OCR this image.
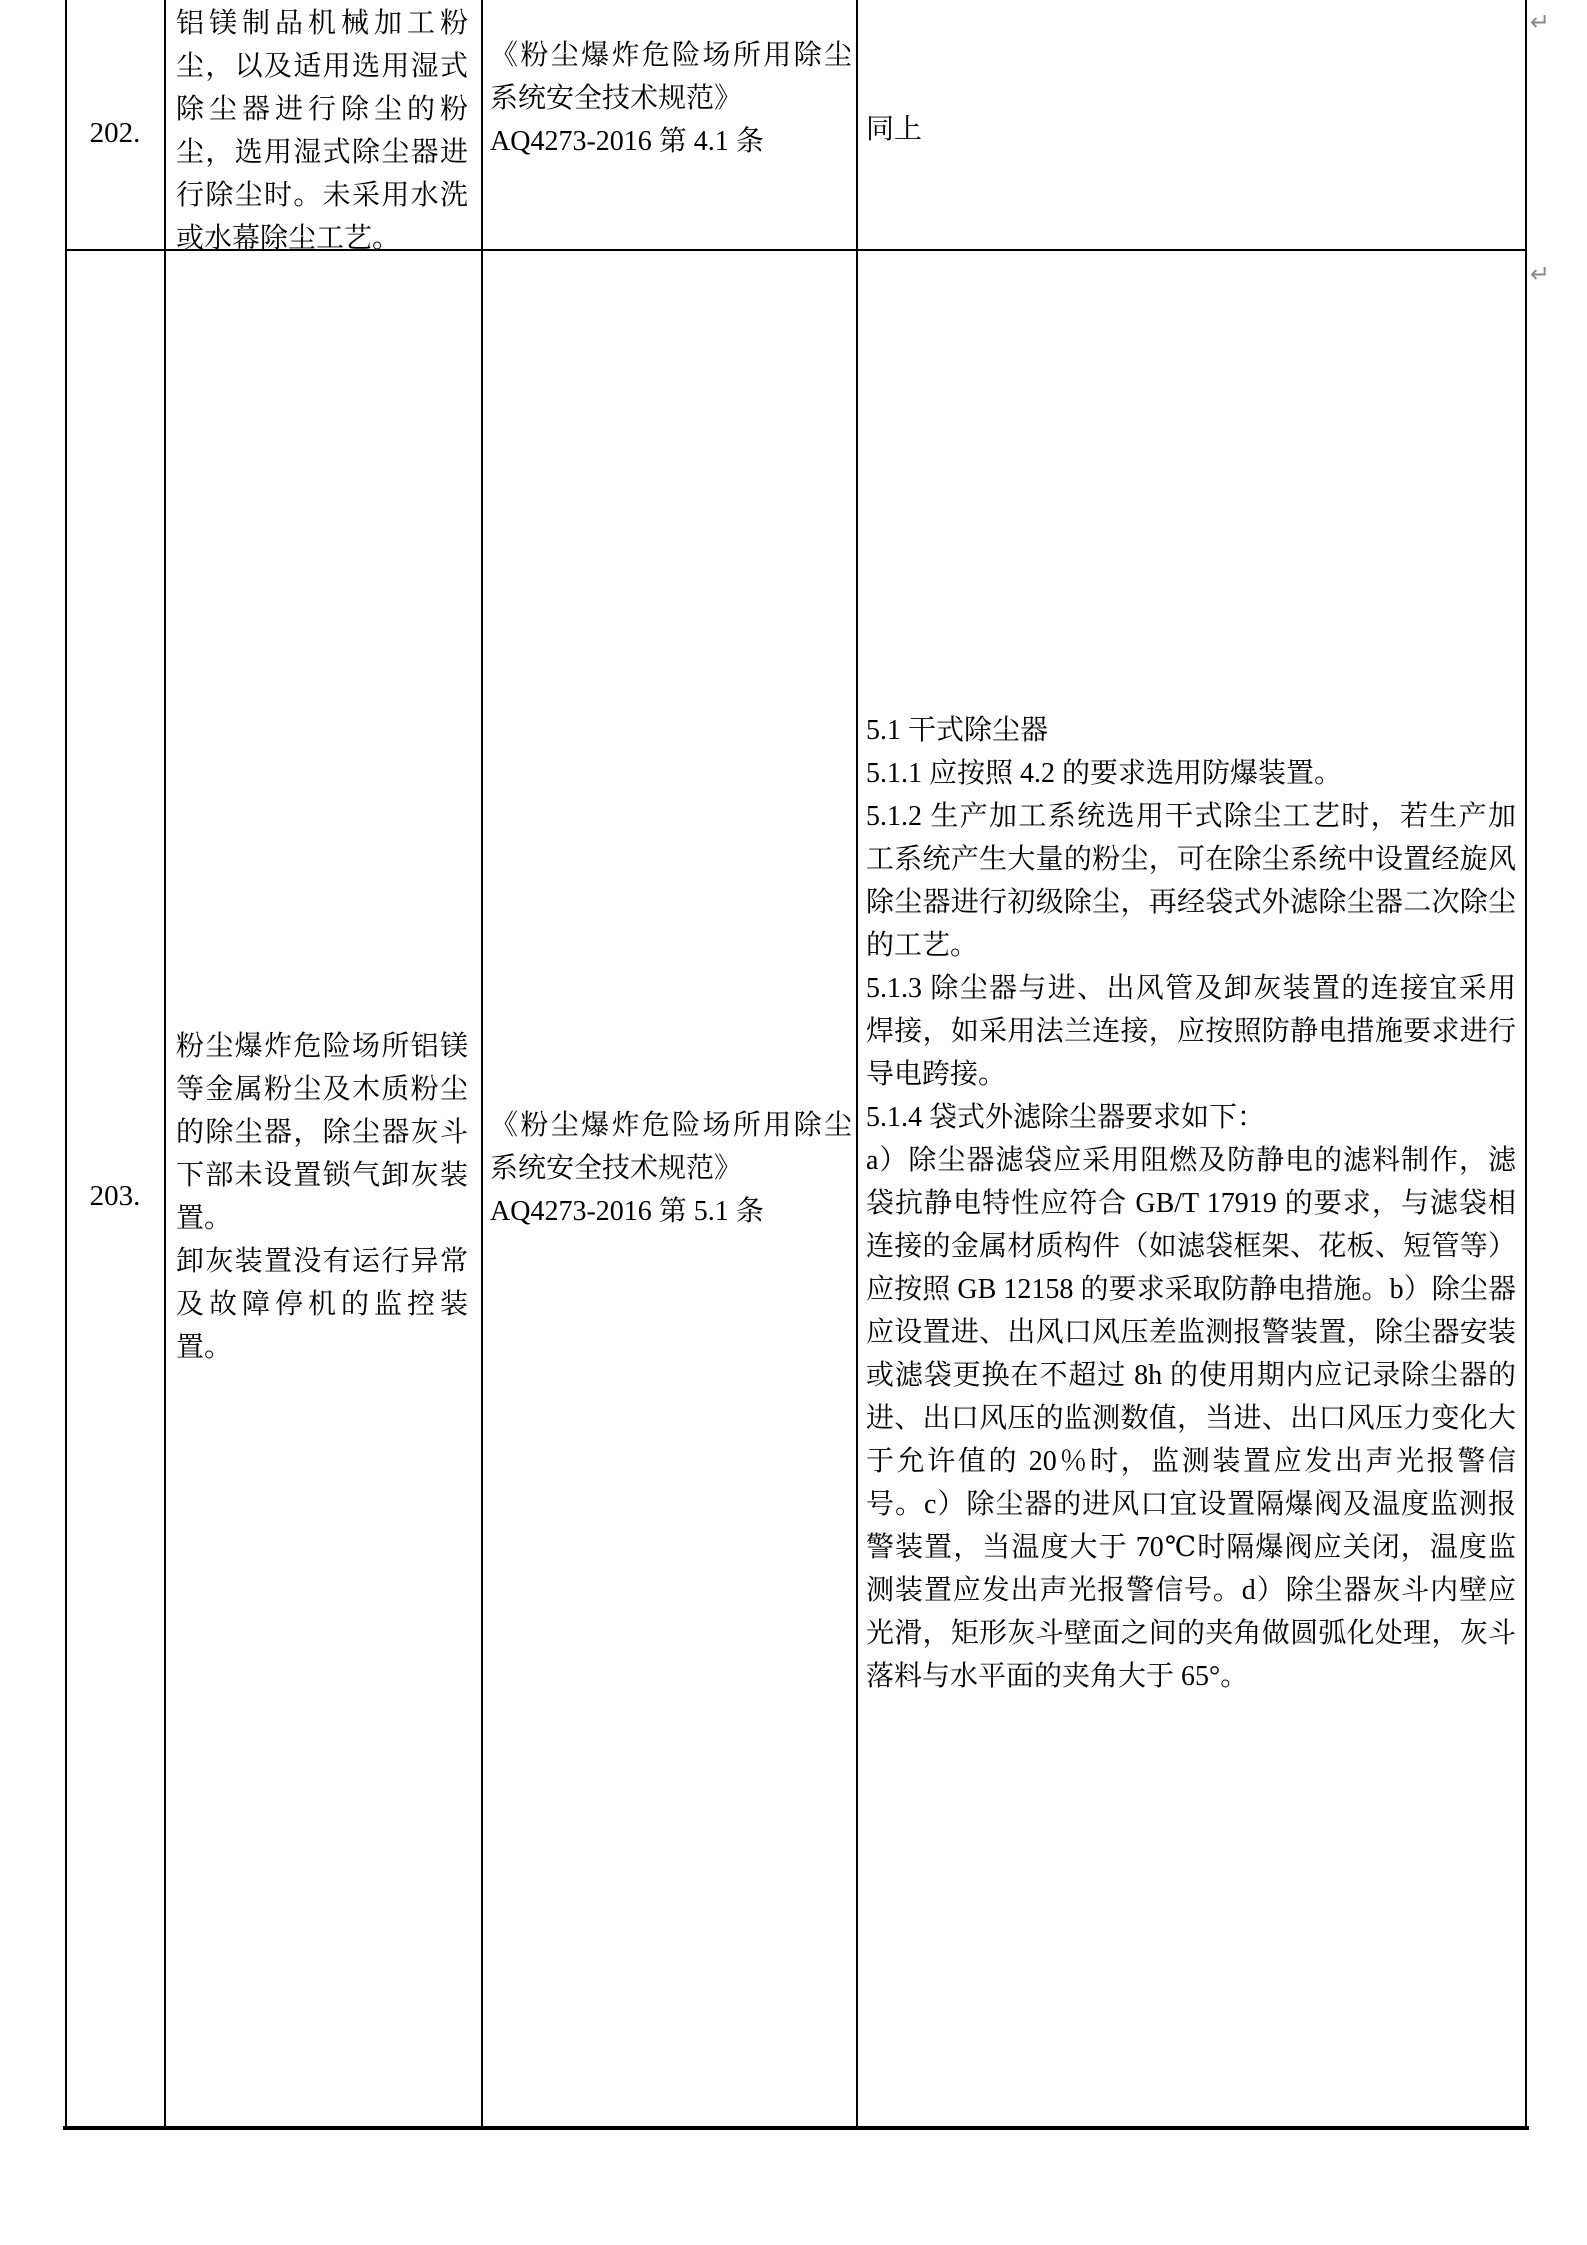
202.
铝镁制品机械加工粉尘，以及适用选用湿式除尘器进行除尘的粉尘，选用湿式除尘器进行除尘时。未采用水洗或水幕除尘工艺。
《粉尘爆炸危险场所用除尘系统安全技术规范》
AQ4273-2016 第 4.1 条	同上
203.

粉尘爆炸危险场所铝镁等金属粉尘及木质粉尘的除尘器，除尘器灰斗下部未设置锁气卸灰装置。

卸灰装置没有运行异常及故障停机的监控装置。

《粉尘爆炸危险场所用除尘系统安全技术规范》
AQ4273-2016 第 5.1 条

5.1 干式除尘器

5.1.1 应按照 4.2 的要求选用防爆装置。

5.1.2 生产加工系统选用干式除尘工艺时，若生产加工系统产生大量的粉尘，可在除尘系统中设置经旋风除尘器进行初级除尘，再经袋式外滤除尘器二次除尘的工艺。

5.1.3 除尘器与进、出风管及卸灰装置的连接宜采用焊接，如采用法兰连接，应按照防静电措施要求进行导电跨接。

5.1.4 袋式外滤除尘器要求如下：

a）除尘器滤袋应采用阻燃及防静电的滤料制作，滤袋抗静电特性应符合 GB/T 17919 的要求，与滤袋相连接的金属材质构件（如滤袋框架、花板、短管等）应按照 GB 12158 的要求采取防静电措施。b）除尘器应设置进、出风口风压差监测报警装置，除尘器安装或滤袋更换在不超过 8h 的使用期内应记录除尘器的进、出口风压的监测数值，当进、出口风压力变化大于允许值的 20％时，监测装置应发出声光报警信号。c）除尘器的进风口宜设置隔爆阀及温度监测报警装置，当温度大于 70℃时隔爆阀应关闭，温度监测装置应发出声光报警信号。d）除尘器灰斗内壁应光滑，矩形灰斗壁面之间的夹角做圆弧化处理，灰斗落料与水平面的夹角大于 65°。

↵
↵
